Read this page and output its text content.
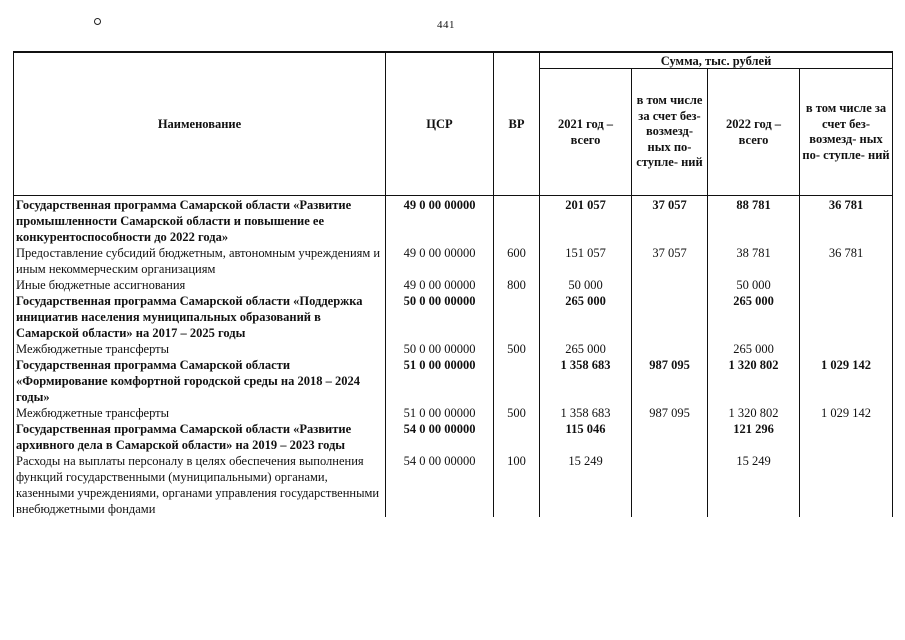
441
Наименование	ЦСР	ВР	Сумма, тыс. рублей			
			2021 год – всего	в том числе за счет без- возмезд- ных по- ступле- ний	2022 год – всего	в том числе за счет без- возмезд- ных по- ступле- ний
Государственная программа Самарской области «Развитие промышленности Самарской области и повышение ее конкурентоспособности до 2022 года»	49 0 00 00000		201 057	37 057	88 781	36 781
Предоставление субсидий бюджетным, автономным учреждениям и иным некоммерческим организациям	49 0 00 00000	600	151 057	37 057	38 781	36 781
Иные бюджетные ассигнования	49 0 00 00000	800	50 000		50 000	
Государственная программа Самарской области «Поддержка инициатив населения муниципальных образований в Самарской области» на 2017 – 2025 годы	50 0 00 00000		265 000		265 000	
Межбюджетные трансферты	50 0 00 00000	500	265 000		265 000	
Государственная программа Самарской области «Формирование комфортной городской среды на 2018 – 2024 годы»	51 0 00 00000		1 358 683	987 095	1 320 802	1 029 142
Межбюджетные трансферты	51 0 00 00000	500	1 358 683	987 095	1 320 802	1 029 142
Государственная программа Самарской области «Развитие архивного дела в Самарской области» на 2019 – 2023 годы	54 0 00 00000		115 046		121 296	
Расходы на выплаты персоналу в целях обеспечения выполнения функций государственными (муниципальными) органами, казенными учреждениями, органами управления государственными внебюджетными фондами	54 0 00 00000	100	15 249		15 249	
